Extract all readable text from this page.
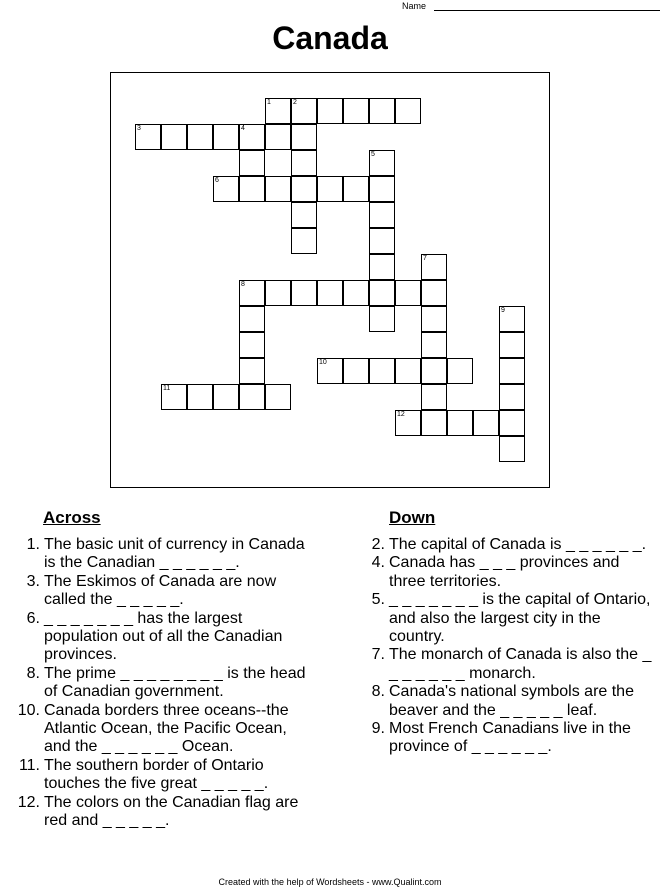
Name
Canada
1	2
3	4
5
6
7
8
9
10
11
12
Across	Down
1. The basic unit of currency in Canada is the Canadian _ _ _ _ _ _.
3. The Eskimos of Canada are now called the _ _ _ _ _.
6. _ _ _ _ _ _ _ has the largest population out of all the Canadian provinces.
8. The prime _ _ _ _ _ _ _ _ is the head of Canadian government.
10. Canada borders three oceans--the Atlantic Ocean, the Pacific Ocean, and the _ _ _ _ _ _ Ocean.
11. The southern border of Ontario touches the five great _ _ _ _ _.
12. The colors on the Canadian flag are red and _ _ _ _ _.
2. The capital of Canada is _ _ _ _ _ _.
4. Canada has _ _ _ provinces and three territories.
5. _ _ _ _ _ _ _ is the capital of Ontario, and also the largest city in the country.
7. The monarch of Canada is also the _ _ _ _ _ _ _ monarch.
8. Canada's national symbols are the beaver and the _ _ _ _ _ leaf.
9. Most French Canadians live in the province of _ _ _ _ _ _.
Created with the help of Wordsheets - www.Qualint.com
